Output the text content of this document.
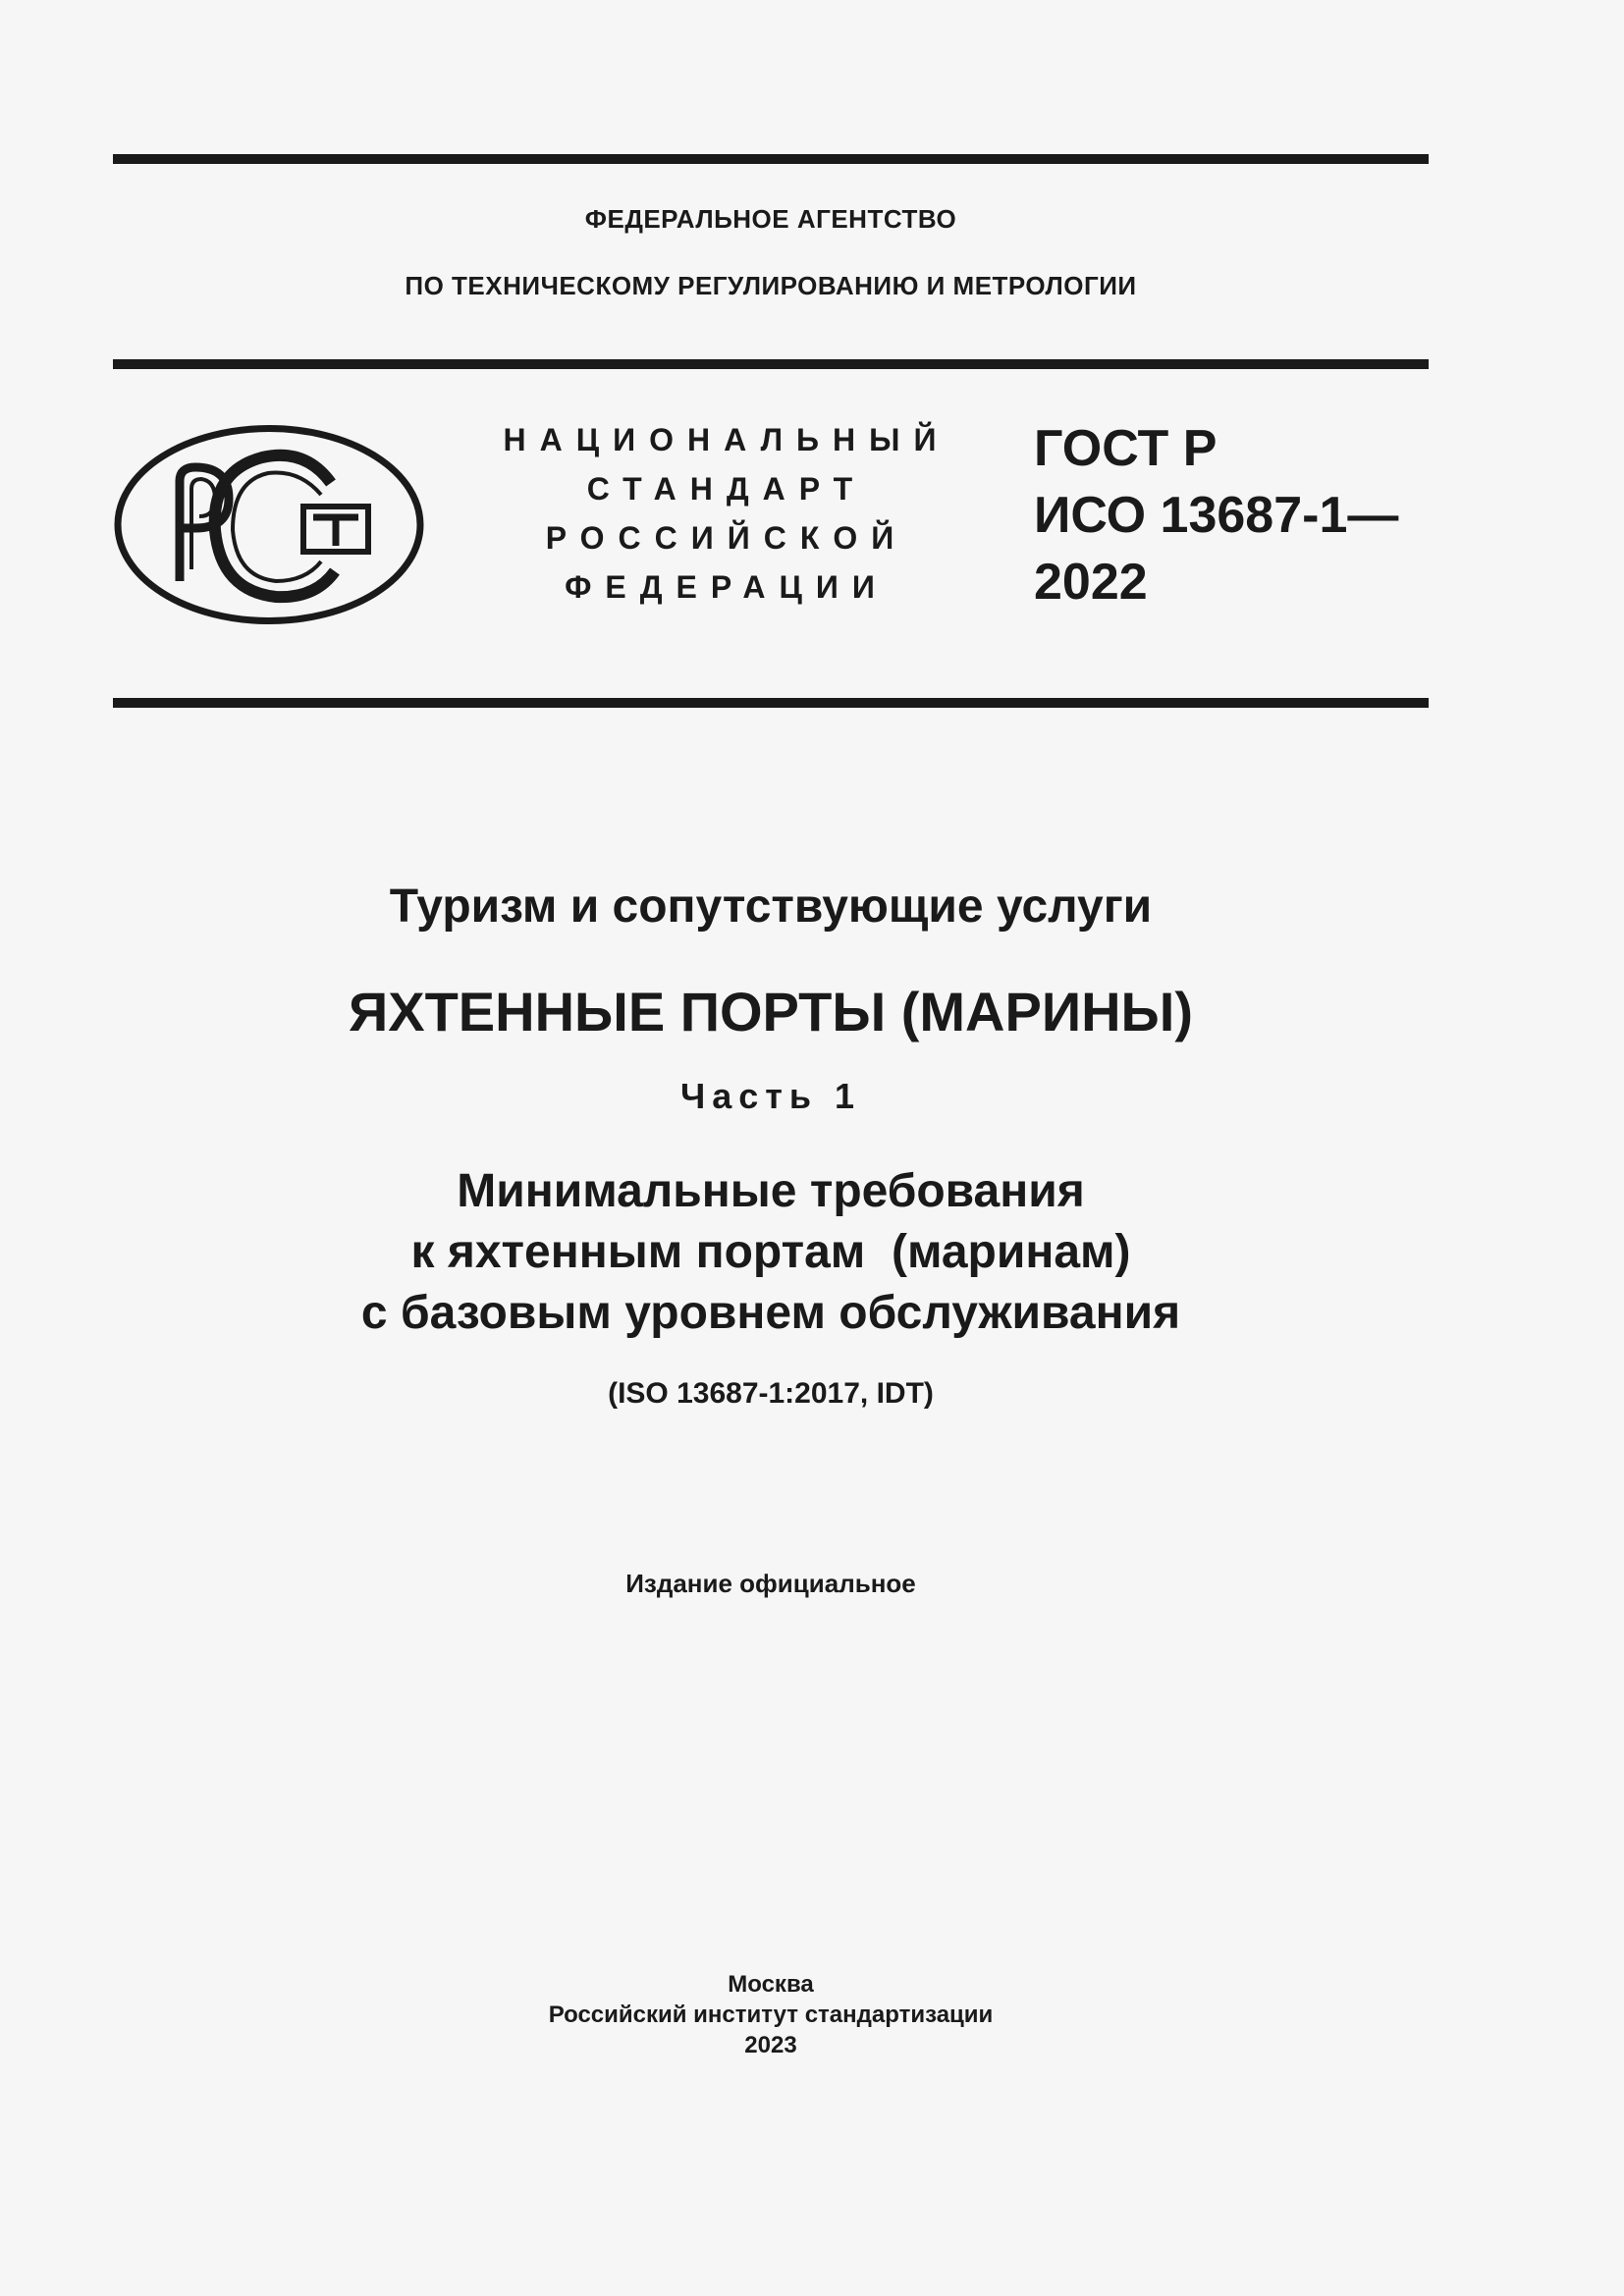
ФЕДЕРАЛЬНОЕ АГЕНТСТВО
ПО ТЕХНИЧЕСКОМУ РЕГУЛИРОВАНИЮ И МЕТРОЛОГИИ
НАЦИОНАЛЬНЫЙ
СТАНДАРТ
РОССИЙСКОЙ
ФЕДЕРАЦИИ
ГОСТ Р
ИСО 13687-1—
2022
Туризм и сопутствующие услуги
ЯХТЕННЫЕ ПОРТЫ (МАРИНЫ)
Часть 1
Минимальные требования
к яхтенным портам  (маринам)
с базовым уровнем обслуживания
(ISO 13687-1:2017, IDT)
Издание официальное
Москва
Российский институт стандартизации
2023
